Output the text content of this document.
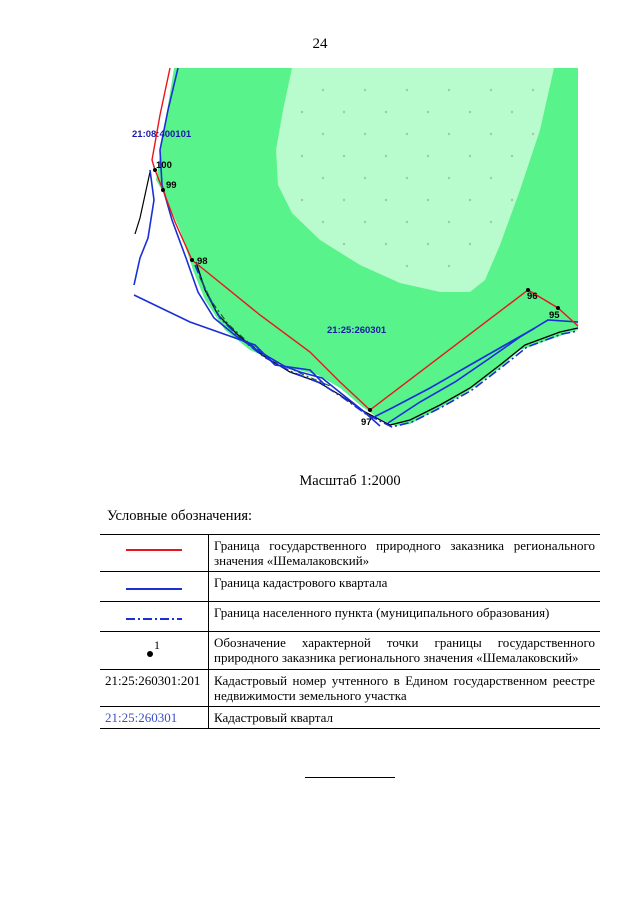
24
100
99
98
97
96
95
21:08:400101
21:25:260301
Масштаб 1:2000
Условные обозначения:
	Граница государственного природного заказника регионального значения «Шемалаковский»
	Граница кадастрового квартала
	Граница населенного пункта (муниципального образования)

1	Обозначение характерной точки границы государственного природного заказника регионального значения «Шемалаковский»
21:25:260301:201	Кадастровый номер учтенного в Едином государственном реестре недвижимости земельного участка
21:25:260301	Кадастровый квартал
